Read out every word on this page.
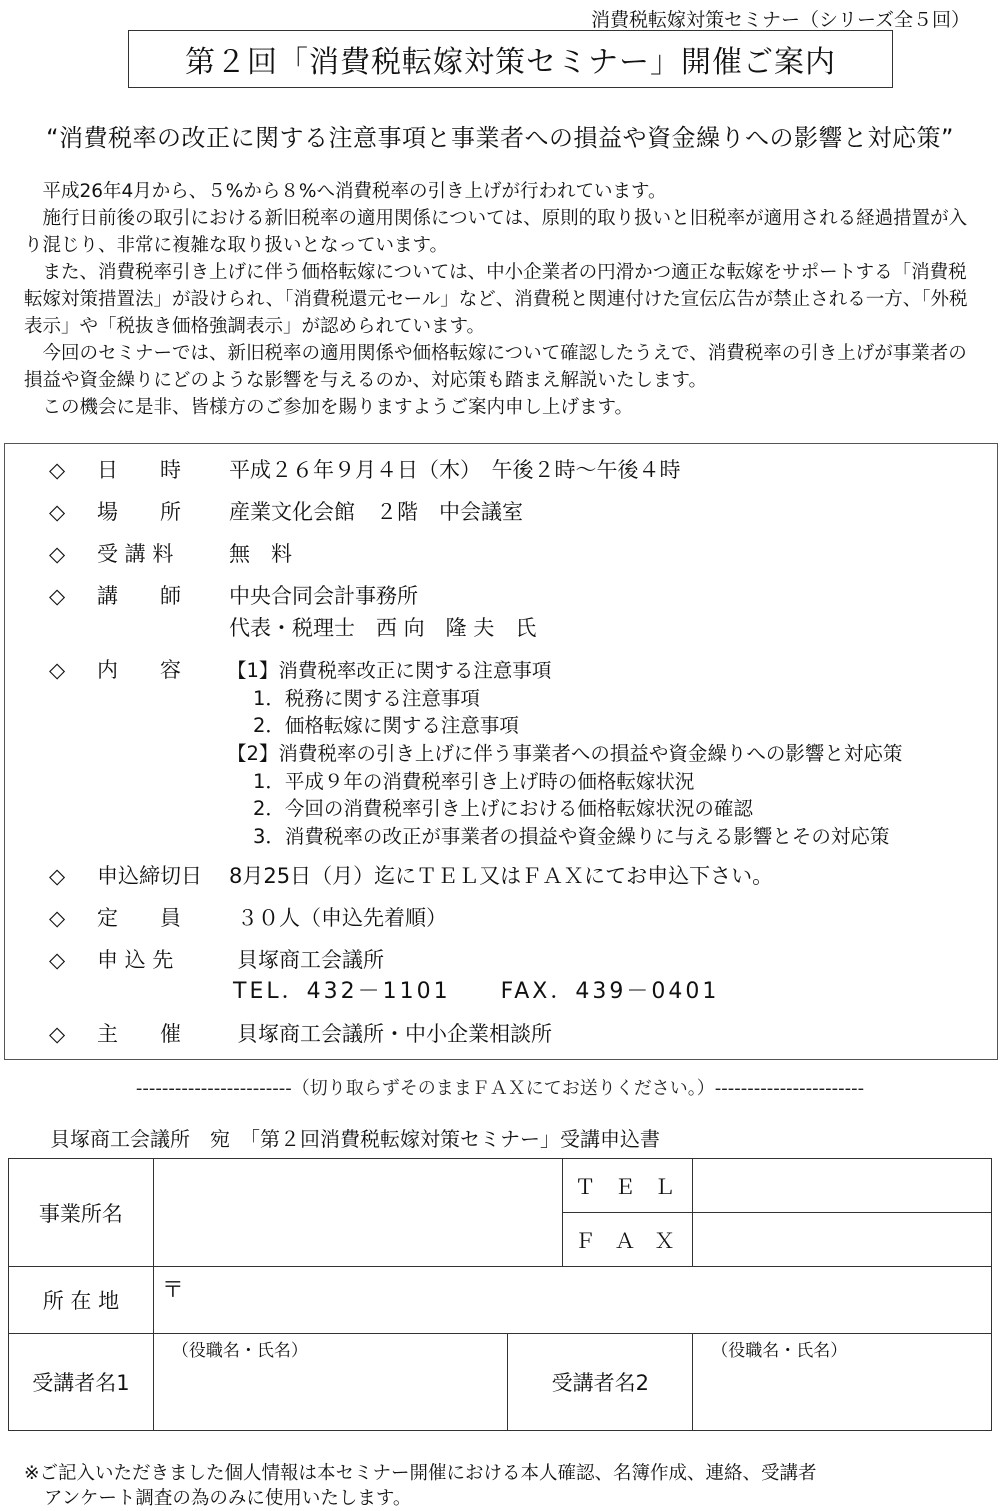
消費税転嫁対策セミナー（シリーズ全５回）
第２回「消費税転嫁対策セミナー」開催ご案内
“消費税率の改正に関する注意事項と事業者への損益や資金繰りへの影響と対応策”

平成26年4月から、５%から８%へ消費税率の引き上げが行われています。

施行日前後の取引における新旧税率の適用関係については、原則的取り扱いと旧税率が適用される経過措置が入り混じり、非常に複雑な取り扱いとなっています。

また、消費税率引き上げに伴う価格転嫁については、中小企業者の円滑かつ適正な転嫁をサポートする「消費税転嫁対策措置法」が設けられ、「消費税還元セール」など、消費税と関連付けた宣伝広告が禁止される一方、「外税表示」や「税抜き価格強調表示」が認められています。

今回のセミナーでは、新旧税率の適用関係や価格転嫁について確認したうえで、消費税率の引き上げが事業者の損益や資金繰りにどのような影響を与えるのか、対応策も踏まえ解説いたします。

この機会に是非、皆様方のご参加を賜りますようご案内申し上げます。

◇ 日　　時 平成２６年９月４日（木）　午後２時～午後４時
◇ 場　　所 産業文化会館　２階　中会議室
◇ 受 講 料	無　料
◇ 講　　師 中央合同会計事務所
代表・税理士　西 向　隆 夫　氏
◇ 内　　容	【1】消費税率改正に関する注意事項
1．税務に関する注意事項
2．価格転嫁に関する注意事項
【2】消費税率の引き上げに伴う事業者への損益や資金繰りへの影響と対応策
1．平成９年の消費税率引き上げ時の価格転嫁状況
2．今回の消費税率引き上げにおける価格転嫁状況の確認
3．消費税率の改正が事業者の損益や資金繰りに与える影響とその対応策
◇ 申込締切日 8月25日（月）迄にＴＥＬ又はＦＡＸにてお申込下さい。
◇ 定　　員	３０人（申込先着順）
◇ 申 込 先	貝塚商工会議所
TEL．432－1101　　FAX．439－0401
◇ 主　　催	貝塚商工会議所・中小企業相談所
------------------------（切り取らずそのままＦＡＸにてお送りください。）-----------------------
貝塚商工会議所　宛　「第２回消費税転嫁対策セミナー」受講申込書
事業所名			Ｔ Ｅ Ｌ	
			Ｆ Ａ Ｘ	
所 在 地	〒			

受講者名1	（役職名・氏名）	受講者名2		（役職名・氏名）
※ご記入いただきました個人情報は本セミナー開催における本人確認、名簿作成、連絡、受講者
アンケート調査の為のみに使用いたします。
